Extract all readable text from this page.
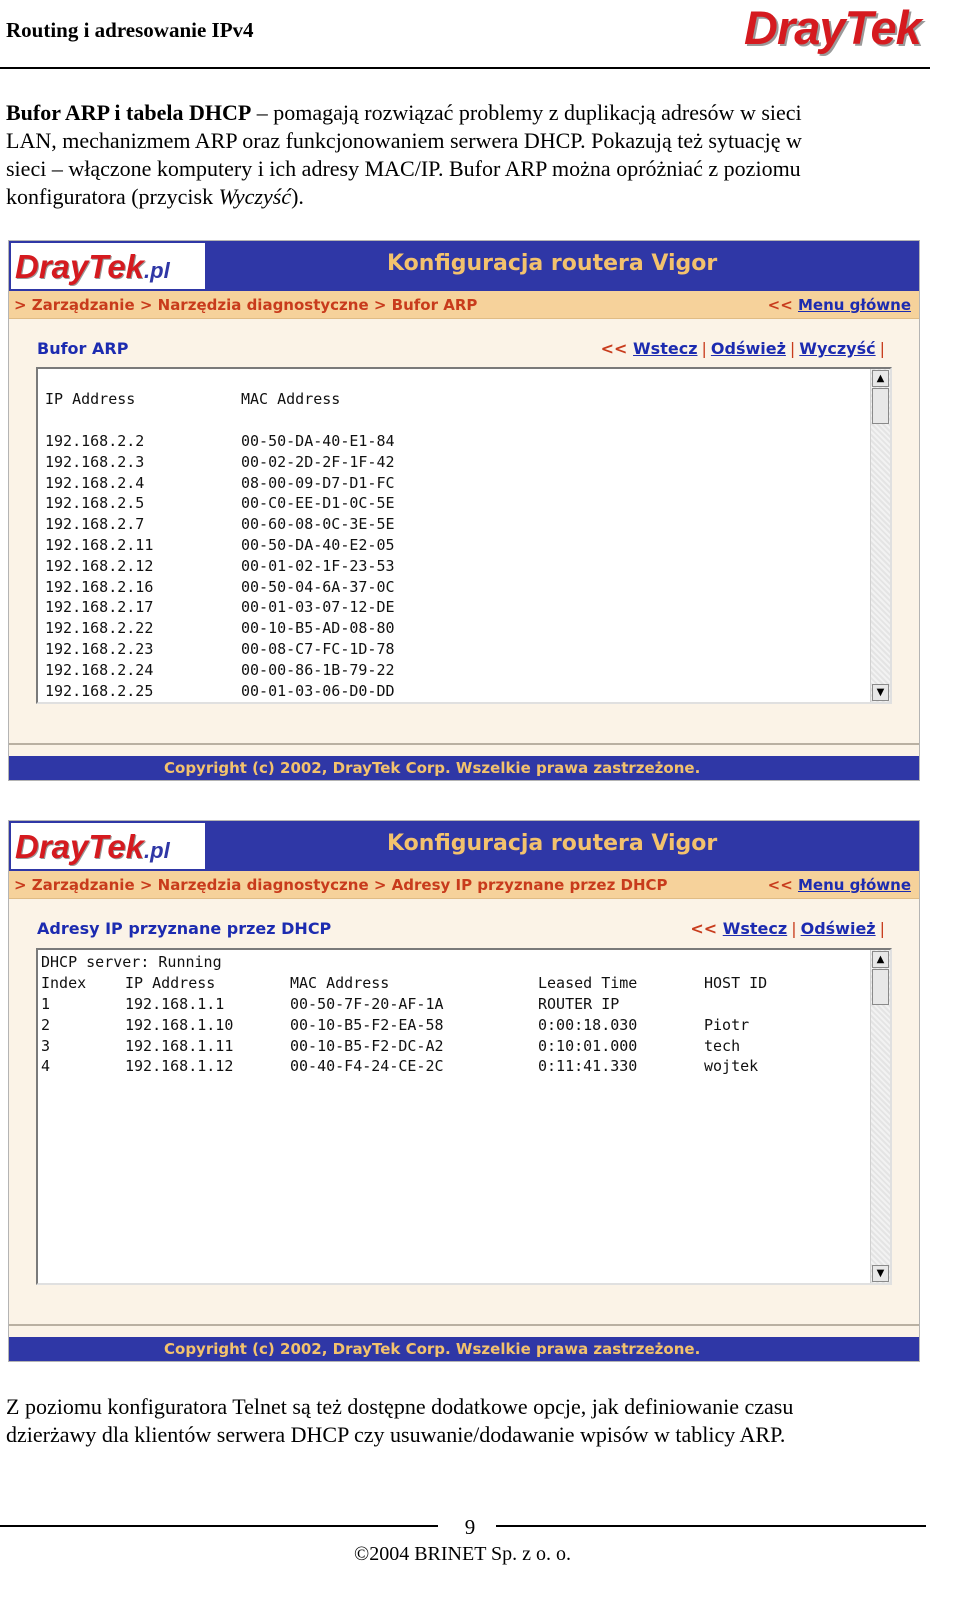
Routing i adresowanie IPv4	DrayTek
Bufor ARP i tabela DHCP – pomagają rozwiązać problemy z duplikacją adresów w sieci
LAN, mechanizmem ARP oraz funkcjonowaniem serwera DHCP. Pokazują też sytuację w
sieci – włączone komputery i ich adresy MAC/IP. Bufor ARP można opróżniać z poziomu
konfiguratora (przycisk Wyczyść).
DrayTek.pl	Konfiguracja routera Vigor
> Zarządzanie > Narzędzia diagnostyczne > Bufor ARP	<< Menu główne
Bufor ARP	<< Wstecz | Odśwież | Wyczyść |
IP Address	MAC Address
192.168.2.2	00-50-DA-40-E1-84
192.168.2.3	00-02-2D-2F-1F-42
192.168.2.4	08-00-09-D7-D1-FC
192.168.2.5	00-C0-EE-D1-0C-5E
192.168.2.7	00-60-08-0C-3E-5E
192.168.2.11	00-50-DA-40-E2-05
192.168.2.12	00-01-02-1F-23-53
192.168.2.16	00-50-04-6A-37-0C
192.168.2.17	00-01-03-07-12-DE
192.168.2.22	00-10-B5-AD-08-80
192.168.2.23	00-08-C7-FC-1D-78
192.168.2.24	00-00-86-1B-79-22
192.168.2.25	00-01-03-06-D0-DD
▲
▼
Copyright (c) 2002, DrayTek Corp. Wszelkie prawa zastrzeżone.
DrayTek.pl	Konfiguracja routera Vigor
> Zarządzanie > Narzędzia diagnostyczne > Adresy IP przyznane przez DHCP	<< Menu główne
Adresy IP przyznane przez DHCP	<< Wstecz | Odśwież |
DHCP server: Running
Index	IP Address	MAC Address	Leased Time	HOST ID
1	192.168.1.1	00-50-7F-20-AF-1A	ROUTER IP
2	192.168.1.10	00-10-B5-F2-EA-58	0:00:18.030	Piotr
3	192.168.1.11	00-10-B5-F2-DC-A2	0:10:01.000	tech
4	192.168.1.12	00-40-F4-24-CE-2C	0:11:41.330	wojtek
▲
▼
Copyright (c) 2002, DrayTek Corp. Wszelkie prawa zastrzeżone.
Z poziomu konfiguratora Telnet są też dostępne dodatkowe opcje, jak definiowanie czasu
dzierżawy dla klientów serwera DHCP czy usuwanie/dodawanie wpisów w tablicy ARP.
9
©2004 BRINET Sp. z o. o.
